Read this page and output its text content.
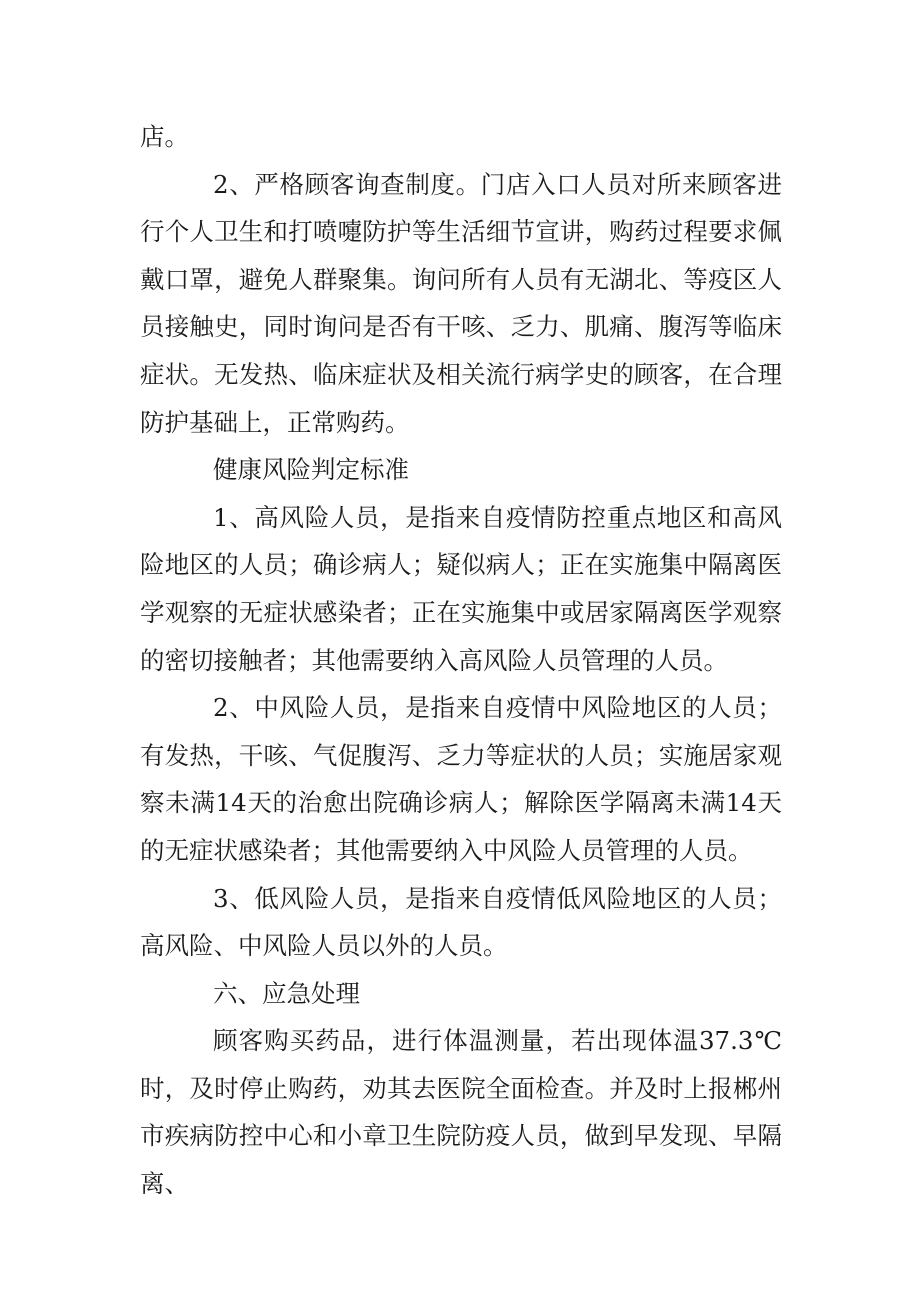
店。

2、严格顾客询查制度。门店入口人员对所来顾客进行个人卫生和打喷嚏防护等生活细节宣讲，购药过程要求佩戴口罩，避免人群聚集。询问所有人员有无湖北、等疫区人员接触史，同时询问是否有干咳、乏力、肌痛、腹泻等临床症状。无发热、临床症状及相关流行病学史的顾客，在合理防护基础上，正常购药。

健康风险判定标准

1、高风险人员，是指来自疫情防控重点地区和高风险地区的人员；确诊病人；疑似病人；正在实施集中隔离医学观察的无症状感染者；正在实施集中或居家隔离医学观察的密切接触者；其他需要纳入高风险人员管理的人员。

2、中风险人员，是指来自疫情中风险地区的人员；有发热，干咳、气促腹泻、乏力等症状的人员；实施居家观察未满14天的治愈出院确诊病人；解除医学隔离未满14天的无症状感染者；其他需要纳入中风险人员管理的人员。

3、低风险人员，是指来自疫情低风险地区的人员；高风险、中风险人员以外的人员。

六、应急处理

顾客购买药品，进行体温测量，若出现体温37.3℃时，及时停止购药，劝其去医院全面检查。并及时上报郴州市疾病防控中心和小章卫生院防疫人员，做到早发现、早隔离、
